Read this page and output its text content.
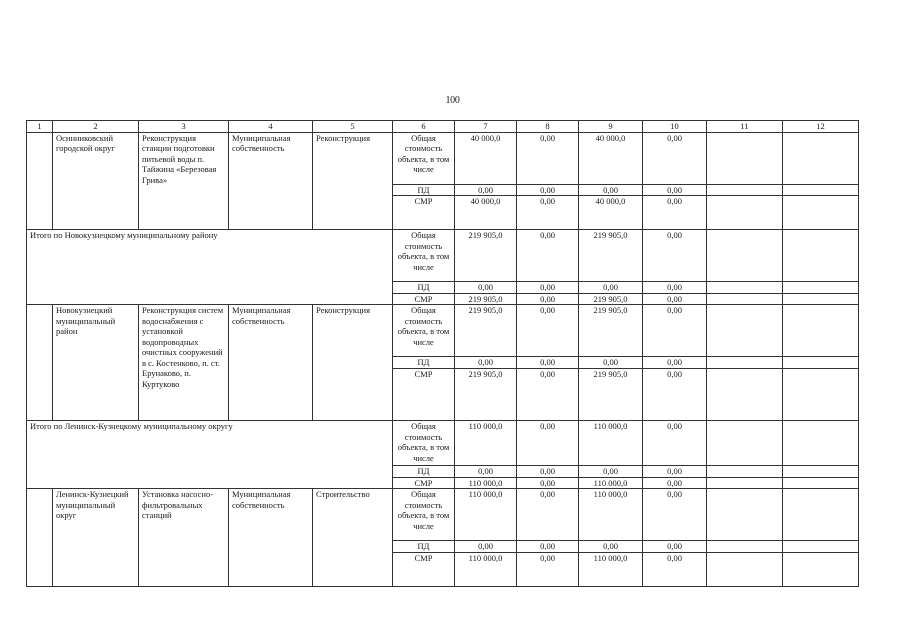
100
1	2	3	4	5	6	7	8	9	10	11	12
	Осинниковский городской округ	Реконструкция станции подготовки питьевой воды п. Тайжина «Березовая Грива»	Муниципальная собственность	Реконструкция	Общая стоимость объекта, в том числе	40 000,0	0,00	40 000,0	0,00		
					ПД	0,00	0,00	0,00	0,00		
					СМР	40 000,0	0,00	40 000,0	0,00		
Итого по Новокузнецкому муниципальному району					Общая стоимость объекта, в том числе	219 905,0	0,00	219 905,0	0,00		
					ПД	0,00	0,00	0,00	0,00		
					СМР	219 905,0	0,00	219 905,0	0,00		
	Новокузнецкий муниципальный район	Реконструкция систем водоснабжения с установкой водопроводных очистных сооружений в с. Костенково, п. ст. Ерунаково, п. Куртуково	Муниципальная собственность	Реконструкция	Общая стоимость объекта, в том числе	219 905,0	0,00	219 905,0	0,00		
					ПД	0,00	0,00	0,00	0,00		
					СМР	219 905,0	0,00	219 905,0	0,00		
Итого по Ленинск-Кузнецкому муниципальному округу					Общая стоимость объекта, в том числе	110 000,0	0,00	110 000,0	0,00		
					ПД	0,00	0,00	0,00	0,00		
					СМР	110 000,0	0,00	110 000,0	0,00		
	Ленинск-Кузнецкий муниципальный округ	Установка насосно-фильтровальных станций	Муниципальная собственность	Строительство	Общая стоимость объекта, в том числе	110 000,0	0,00	110 000,0	0,00		
					ПД	0,00	0,00	0,00	0,00		
					СМР	110 000,0	0,00	110 000,0	0,00		
